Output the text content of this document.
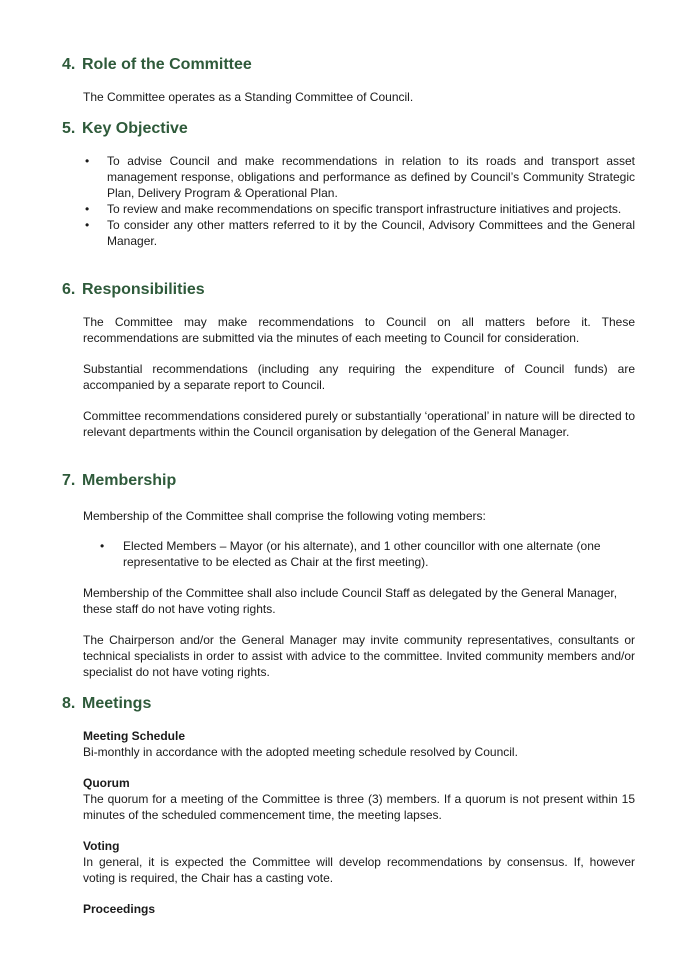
4. Role of the Committee

The Committee operates as a Standing Committee of Council.

5. Key Objective
• To advise Council and make recommendations in relation to its roads and transport asset management response, obligations and performance as defined by Council’s Community Strategic Plan, Delivery Program & Operational Plan.
• To review and make recommendations on specific transport infrastructure initiatives and projects.
• To consider any other matters referred to it by the Council, Advisory Committees and the General Manager.
6. Responsibilities

The Committee may make recommendations to Council on all matters before it. These recommendations are submitted via the minutes of each meeting to Council for consideration.

Substantial recommendations (including any requiring the expenditure of Council funds) are accompanied by a separate report to Council.

Committee recommendations considered purely or substantially ‘operational’ in nature will be directed to relevant departments within the Council organisation by delegation of the General Manager.

7. Membership

Membership of the Committee shall comprise the following voting members:

• Elected Members – Mayor (or his alternate), and 1 other councillor with one alternate (one representative to be elected as Chair at the first meeting).

Membership of the Committee shall also include Council Staff as delegated by the General Manager, these staff do not have voting rights.

The Chairperson and/or the General Manager may invite community representatives, consultants or technical specialists in order to assist with advice to the committee. Invited community members and/or specialist do not have voting rights.

8. Meetings

Meeting Schedule

Bi-monthly in accordance with the adopted meeting schedule resolved by Council.

Quorum

The quorum for a meeting of the Committee is three (3) members. If a quorum is not present within 15 minutes of the scheduled commencement time, the meeting lapses.

Voting

In general, it is expected the Committee will develop recommendations by consensus. If, however voting is required, the Chair has a casting vote.

Proceedings
